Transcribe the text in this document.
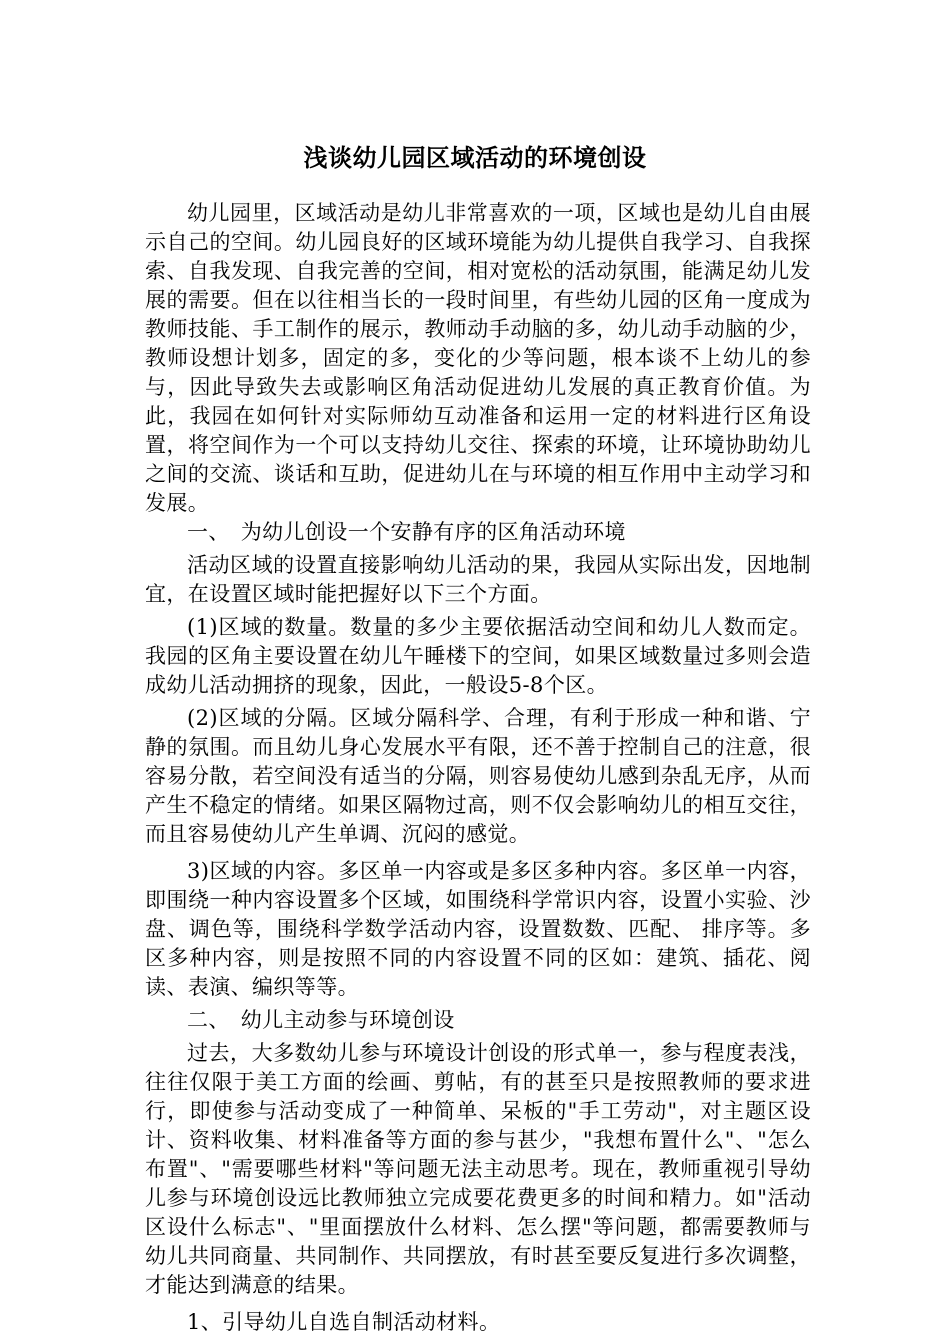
浅谈幼儿园区域活动的环境创设

幼儿园里，区域活动是幼儿非常喜欢的一项，区域也是幼儿自由展示自己的空间。幼儿园良好的区域环境能为幼儿提供自我学习、自我探索、自我发现、自我完善的空间，相对宽松的活动氛围，能满足幼儿发展的需要。但在以往相当长的一段时间里，有些幼儿园的区角一度成为教师技能、手工制作的展示，教师动手动脑的多，幼儿动手动脑的少，教师设想计划多，固定的多，变化的少等问题，根本谈不上幼儿的参与，因此导致失去或影响区角活动促进幼儿发展的真正教育价值。为此，我园在如何针对实际师幼互动准备和运用一定的材料进行区角设置，将空间作为一个可以支持幼儿交往、探索的环境，让环境协助幼儿之间的交流、谈话和互助，促进幼儿在与环境的相互作用中主动学习和发展。

一、　为幼儿创设一个安静有序的区角活动环境

活动区域的设置直接影响幼儿活动的果，我园从实际出发，因地制宜，在设置区域时能把握好以下三个方面。

(1)区域的数量。数量的多少主要依据活动空间和幼儿人数而定。我园的区角主要设置在幼儿午睡楼下的空间，如果区域数量过多则会造成幼儿活动拥挤的现象，因此，一般设5-8个区。

(2)区域的分隔。区域分隔科学、合理，有利于形成一种和谐、宁静的氛围。而且幼儿身心发展水平有限，还不善于控制自己的注意，很容易分散，若空间没有适当的分隔，则容易使幼儿感到杂乱无序，从而产生不稳定的情绪。如果区隔物过高，则不仅会影响幼儿的相互交往，而且容易使幼儿产生单调、沉闷的感觉。

3)区域的内容。多区单一内容或是多区多种内容。多区单一内容，即围绕一种内容设置多个区域，如围绕科学常识内容，设置小实验、沙盘、调色等，围绕科学数学活动内容，设置数数、匹配、 排序等。多区多种内容，则是按照不同的内容设置不同的区如：建筑、插花、阅读、表演、编织等等。

二、　幼儿主动参与环境创设

过去，大多数幼儿参与环境设计创设的形式单一，参与程度表浅，往往仅限于美工方面的绘画、剪帖，有的甚至只是按照教师的要求进行，即使参与活动变成了一种简单、呆板的"手工劳动"，对主题区设计、资料收集、材料准备等方面的参与甚少，"我想布置什么"、"怎么布置"、"需要哪些材料"等问题无法主动思考。现在，教师重视引导幼儿参与环境创设远比教师独立完成要花费更多的时间和精力。如"活动区设什么标志"、"里面摆放什么材料、怎么摆"等问题，都需要教师与幼儿共同商量、共同制作、共同摆放，有时甚至要反复进行多次调整，才能达到满意的结果。

1、引导幼儿自选自制活动材料。
